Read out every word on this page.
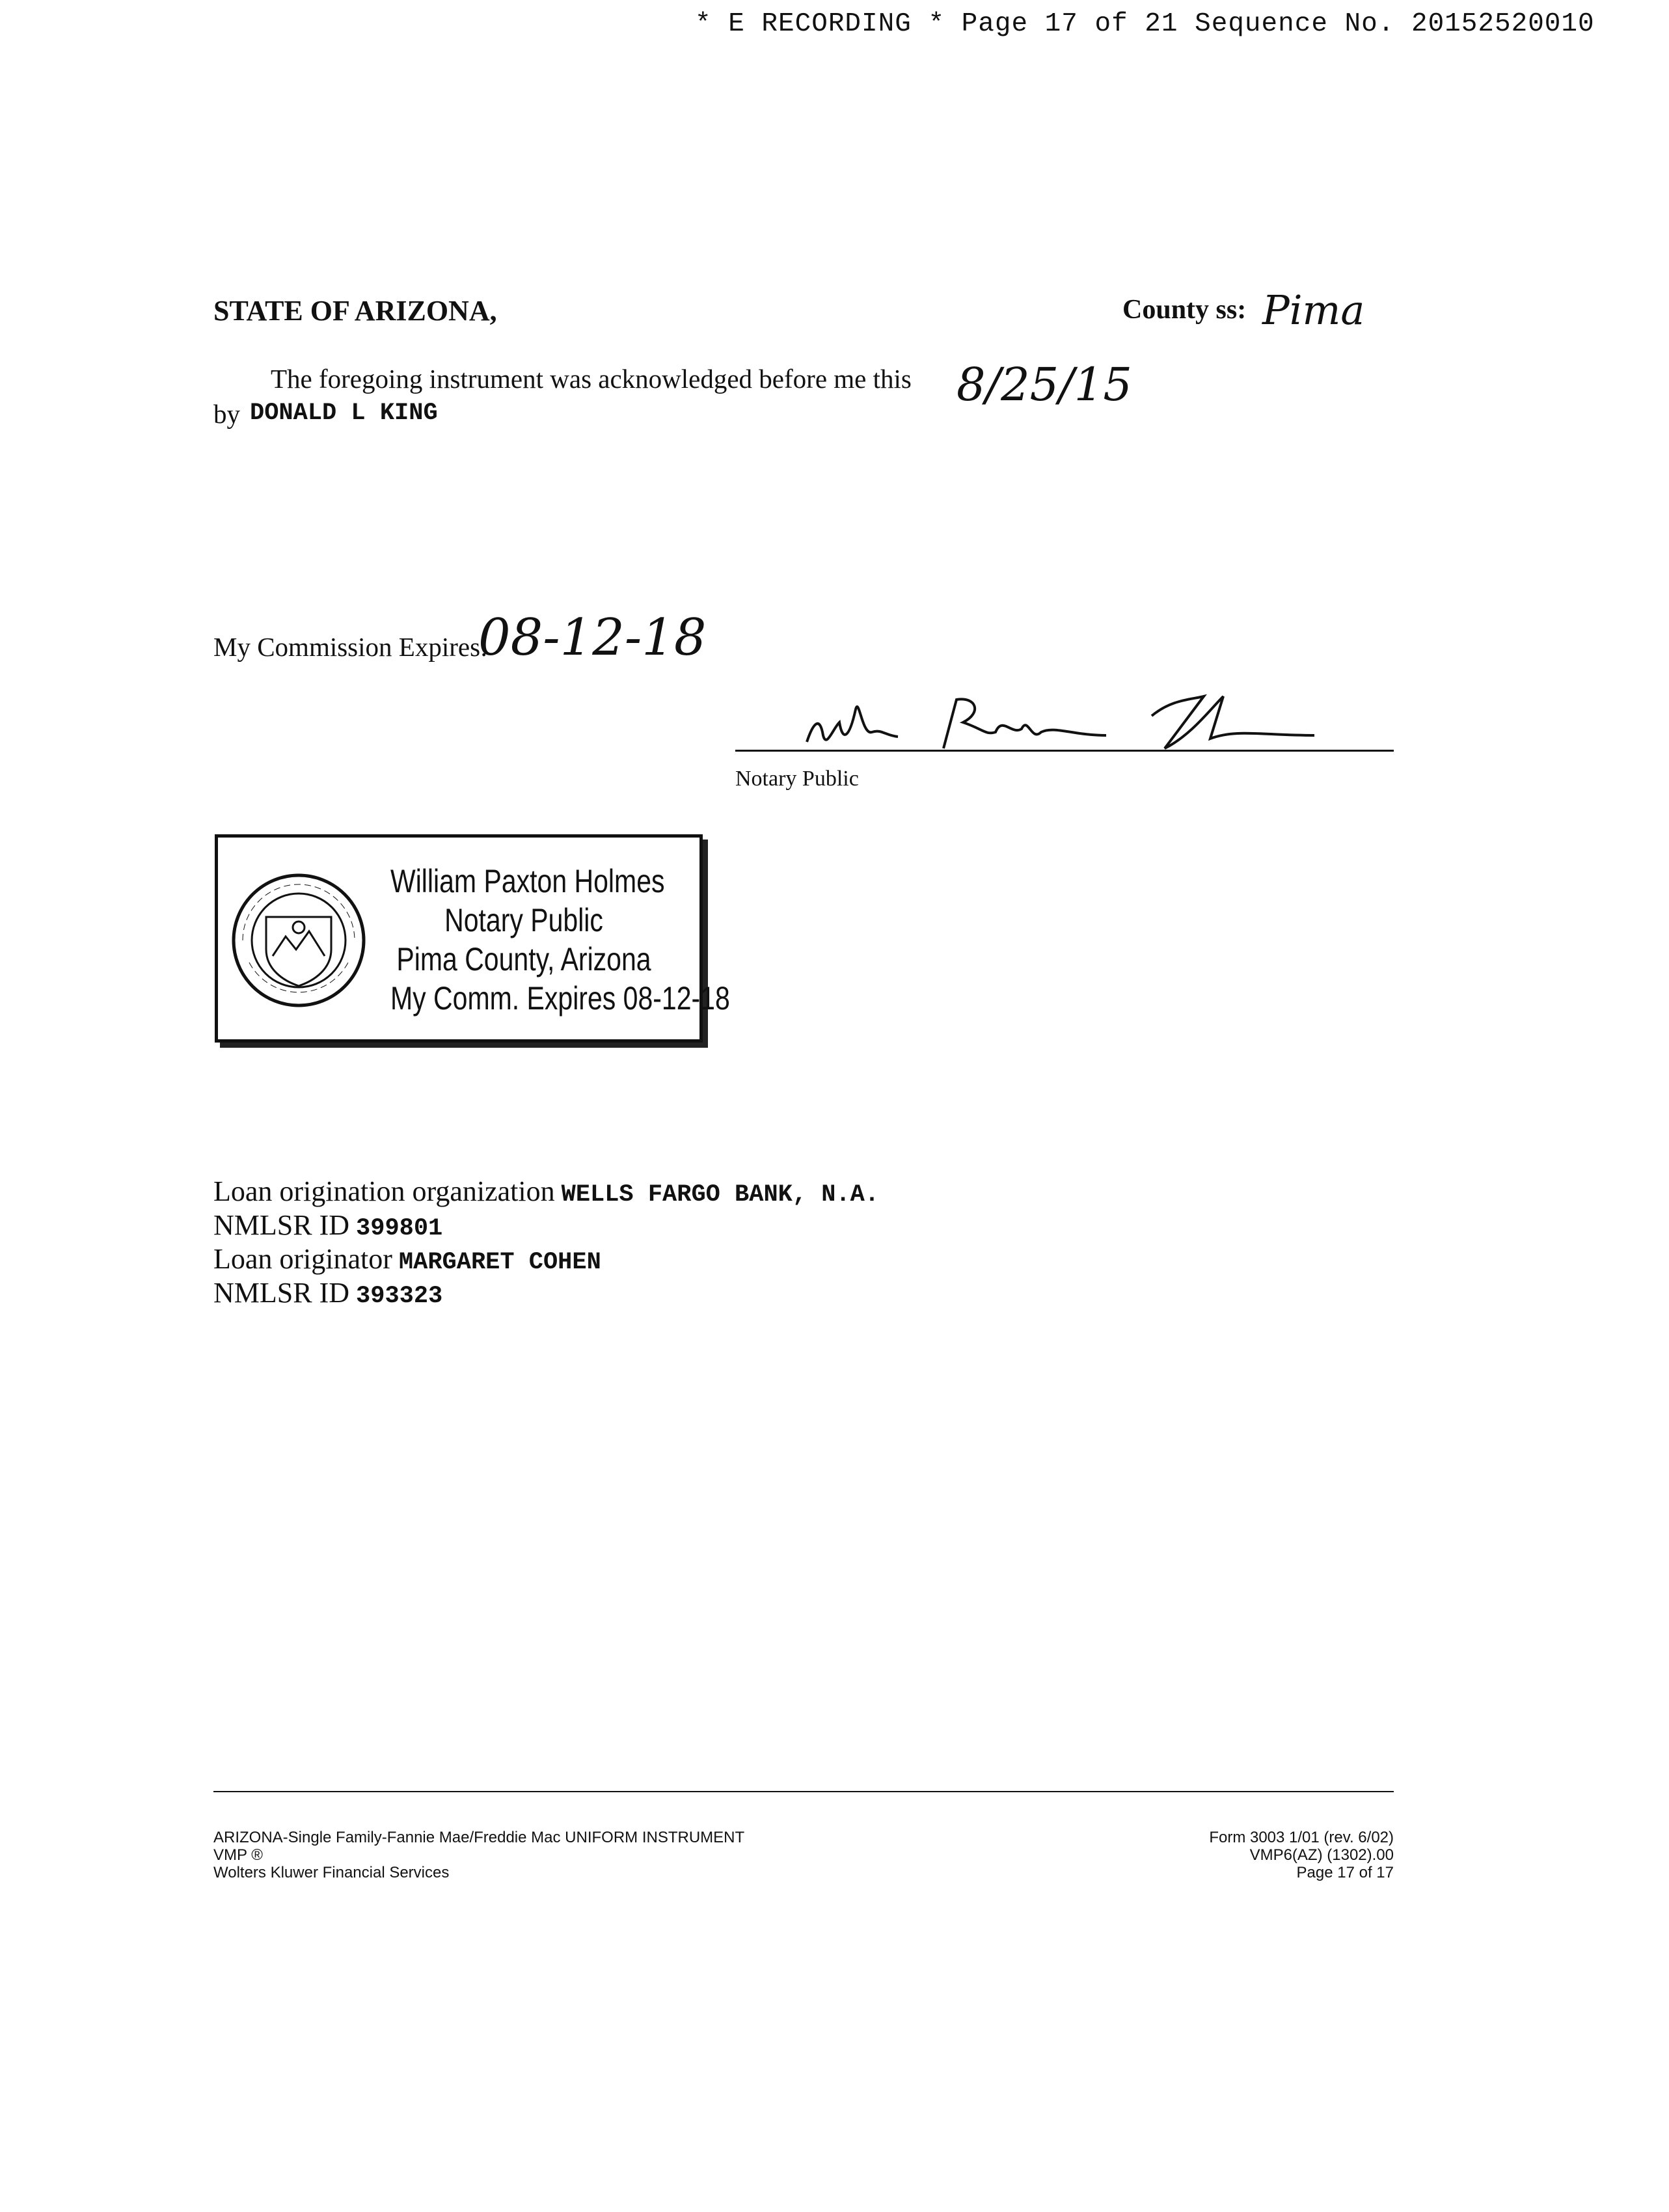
* E RECORDING * Page 17 of 21 Sequence No. 20152520010
STATE OF ARIZONA,	County ss: Pima
The foregoing instrument was acknowledged before me this 8/25/15
by DONALD L KING
My Commission Expires:
08-12-18
Notary Public
William Paxton Holmes
Notary Public
Pima County, Arizona
My Comm. Expires 08-12-18
Loan origination organization WELLS FARGO BANK, N.A.
NMLSR ID 399801
Loan originator MARGARET COHEN
NMLSR ID 393323
ARIZONA-Single Family-Fannie Mae/Freddie Mac UNIFORM INSTRUMENT
VMP ®
Wolters Kluwer Financial Services
Form 3003 1/01 (rev. 6/02)
VMP6(AZ) (1302).00
Page 17 of 17
